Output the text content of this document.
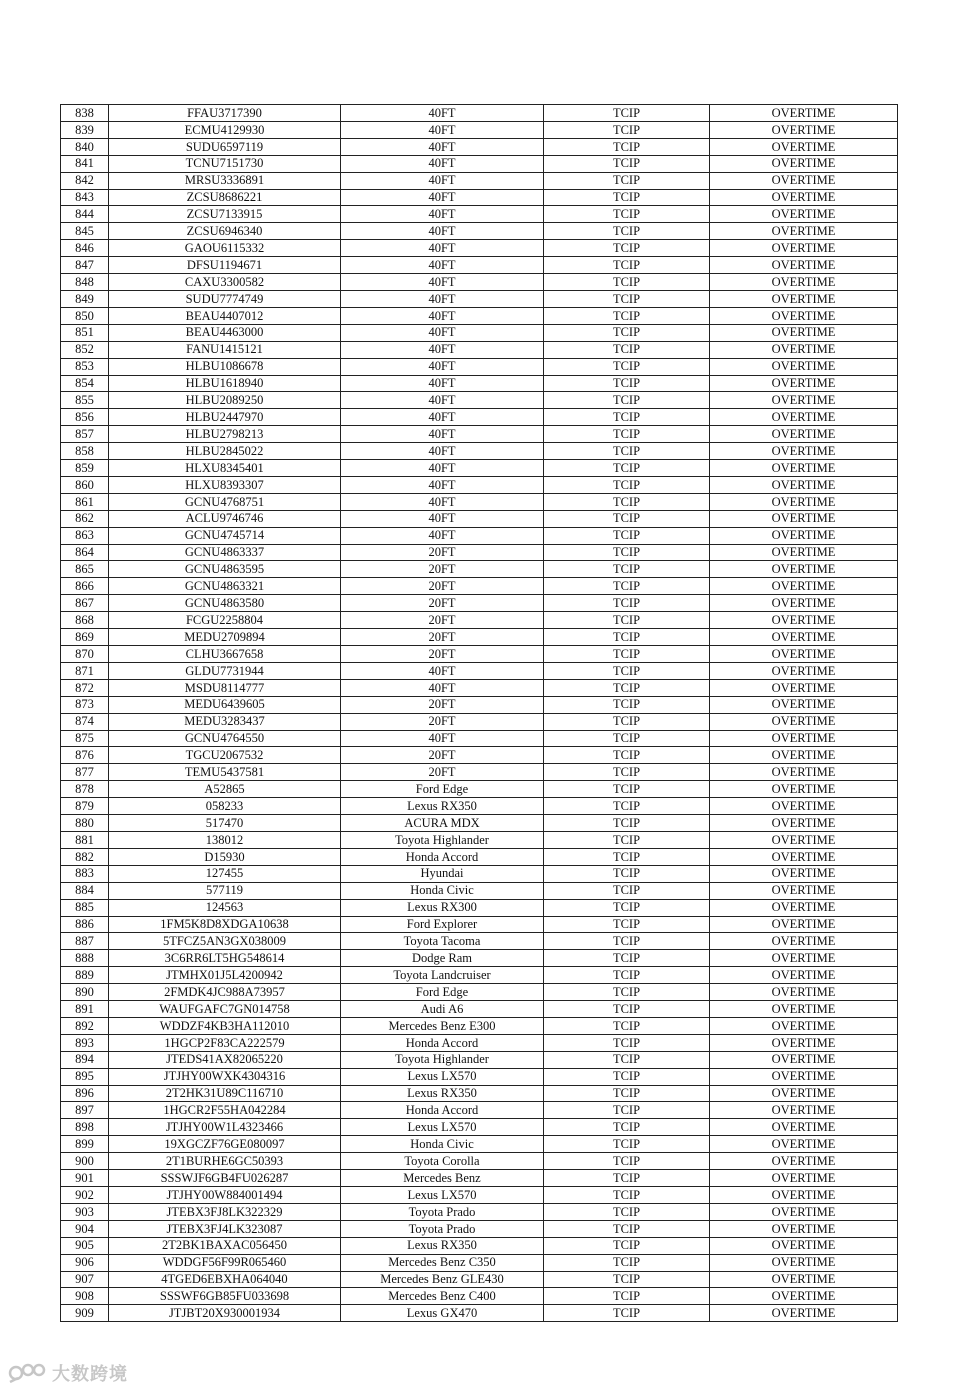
838	FFAU3717390	40FT	TCIP	OVERTIME
839	ECMU4129930	40FT	TCIP	OVERTIME
840	SUDU6597119	40FT	TCIP	OVERTIME
841	TCNU7151730	40FT	TCIP	OVERTIME
842	MRSU3336891	40FT	TCIP	OVERTIME
843	ZCSU8686221	40FT	TCIP	OVERTIME
844	ZCSU7133915	40FT	TCIP	OVERTIME
845	ZCSU6946340	40FT	TCIP	OVERTIME
846	GAOU6115332	40FT	TCIP	OVERTIME
847	DFSU1194671	40FT	TCIP	OVERTIME
848	CAXU3300582	40FT	TCIP	OVERTIME
849	SUDU7774749	40FT	TCIP	OVERTIME
850	BEAU4407012	40FT	TCIP	OVERTIME
851	BEAU4463000	40FT	TCIP	OVERTIME
852	FANU1415121	40FT	TCIP	OVERTIME
853	HLBU1086678	40FT	TCIP	OVERTIME
854	HLBU1618940	40FT	TCIP	OVERTIME
855	HLBU2089250	40FT	TCIP	OVERTIME
856	HLBU2447970	40FT	TCIP	OVERTIME
857	HLBU2798213	40FT	TCIP	OVERTIME
858	HLBU2845022	40FT	TCIP	OVERTIME
859	HLXU8345401	40FT	TCIP	OVERTIME
860	HLXU8393307	40FT	TCIP	OVERTIME
861	GCNU4768751	40FT	TCIP	OVERTIME
862	ACLU9746746	40FT	TCIP	OVERTIME
863	GCNU4745714	40FT	TCIP	OVERTIME
864	GCNU4863337	20FT	TCIP	OVERTIME
865	GCNU4863595	20FT	TCIP	OVERTIME
866	GCNU4863321	20FT	TCIP	OVERTIME
867	GCNU4863580	20FT	TCIP	OVERTIME
868	FCGU2258804	20FT	TCIP	OVERTIME
869	MEDU2709894	20FT	TCIP	OVERTIME
870	CLHU3667658	20FT	TCIP	OVERTIME
871	GLDU7731944	40FT	TCIP	OVERTIME
872	MSDU8114777	40FT	TCIP	OVERTIME
873	MEDU6439605	20FT	TCIP	OVERTIME
874	MEDU3283437	20FT	TCIP	OVERTIME
875	GCNU4764550	40FT	TCIP	OVERTIME
876	TGCU2067532	20FT	TCIP	OVERTIME
877	TEMU5437581	20FT	TCIP	OVERTIME
878	A52865	Ford Edge	TCIP	OVERTIME
879	058233	Lexus RX350	TCIP	OVERTIME
880	517470	ACURA MDX	TCIP	OVERTIME
881	138012	Toyota Highlander	TCIP	OVERTIME
882	D15930	Honda Accord	TCIP	OVERTIME
883	127455	Hyundai	TCIP	OVERTIME
884	577119	Honda Civic	TCIP	OVERTIME
885	124563	Lexus RX300	TCIP	OVERTIME
886	1FM5K8D8XDGA10638	Ford Explorer	TCIP	OVERTIME
887	5TFCZ5AN3GX038009	Toyota Tacoma	TCIP	OVERTIME
888	3C6RR6LT5HG548614	Dodge Ram	TCIP	OVERTIME
889	JTMHX01J5L4200942	Toyota Landcruiser	TCIP	OVERTIME
890	2FMDK4JC988A73957	Ford Edge	TCIP	OVERTIME
891	WAUFGAFC7GN014758	Audi A6	TCIP	OVERTIME
892	WDDZF4KB3HA112010	Mercedes Benz E300	TCIP	OVERTIME
893	1HGCP2F83CA222579	Honda Accord	TCIP	OVERTIME
894	JTEDS41AX82065220	Toyota Highlander	TCIP	OVERTIME
895	JTJHY00WXK4304316	Lexus LX570	TCIP	OVERTIME
896	2T2HK31U89C116710	Lexus RX350	TCIP	OVERTIME
897	1HGCR2F55HA042284	Honda Accord	TCIP	OVERTIME
898	JTJHY00W1L4323466	Lexus LX570	TCIP	OVERTIME
899	19XGCZF76GE080097	Honda Civic	TCIP	OVERTIME
900	2T1BURHE6GC50393	Toyota Corolla	TCIP	OVERTIME
901	SSSWJF6GB4FU026287	Mercedes Benz	TCIP	OVERTIME
902	JTJHY00W884001494	Lexus LX570	TCIP	OVERTIME
903	JTEBX3FJ8LK322329	Toyota Prado	TCIP	OVERTIME
904	JTEBX3FJ4LK323087	Toyota Prado	TCIP	OVERTIME
905	2T2BK1BAXAC056450	Lexus RX350	TCIP	OVERTIME
906	WDDGF56F99R065460	Mercedes Benz C350	TCIP	OVERTIME
907	4TGED6EBXHA064040	Mercedes Benz GLE430	TCIP	OVERTIME
908	SSSWF6GB85FU033698	Mercedes Benz C400	TCIP	OVERTIME
909	JTJBT20X930001934	Lexus GX470	TCIP	OVERTIME
大数跨境
